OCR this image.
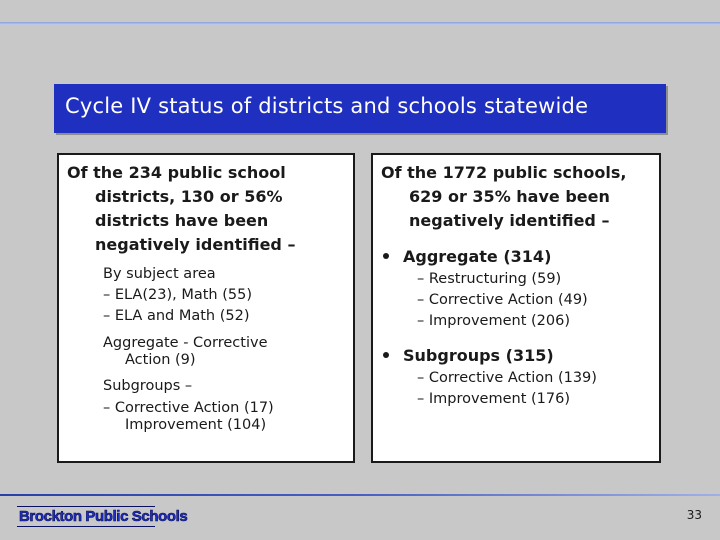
Cycle IV status of districts and schools statewide
Of the 234 public school districts, 130 or 56% districts have been negatively identified –
By subject area
– ELA(23), Math (55)
– ELA and Math (52)
Aggregate - Corrective
Action (9)
Subgroups –
– Corrective Action (17)
Improvement (104)
Of the 1772 public schools, 629 or 35% have been negatively identified –
Aggregate (314)
– Restructuring (59)
– Corrective Action (49)
– Improvement (206)
Subgroups (315)
– Corrective Action (139)
– Improvement (176)
Brockton Public Schools	33
